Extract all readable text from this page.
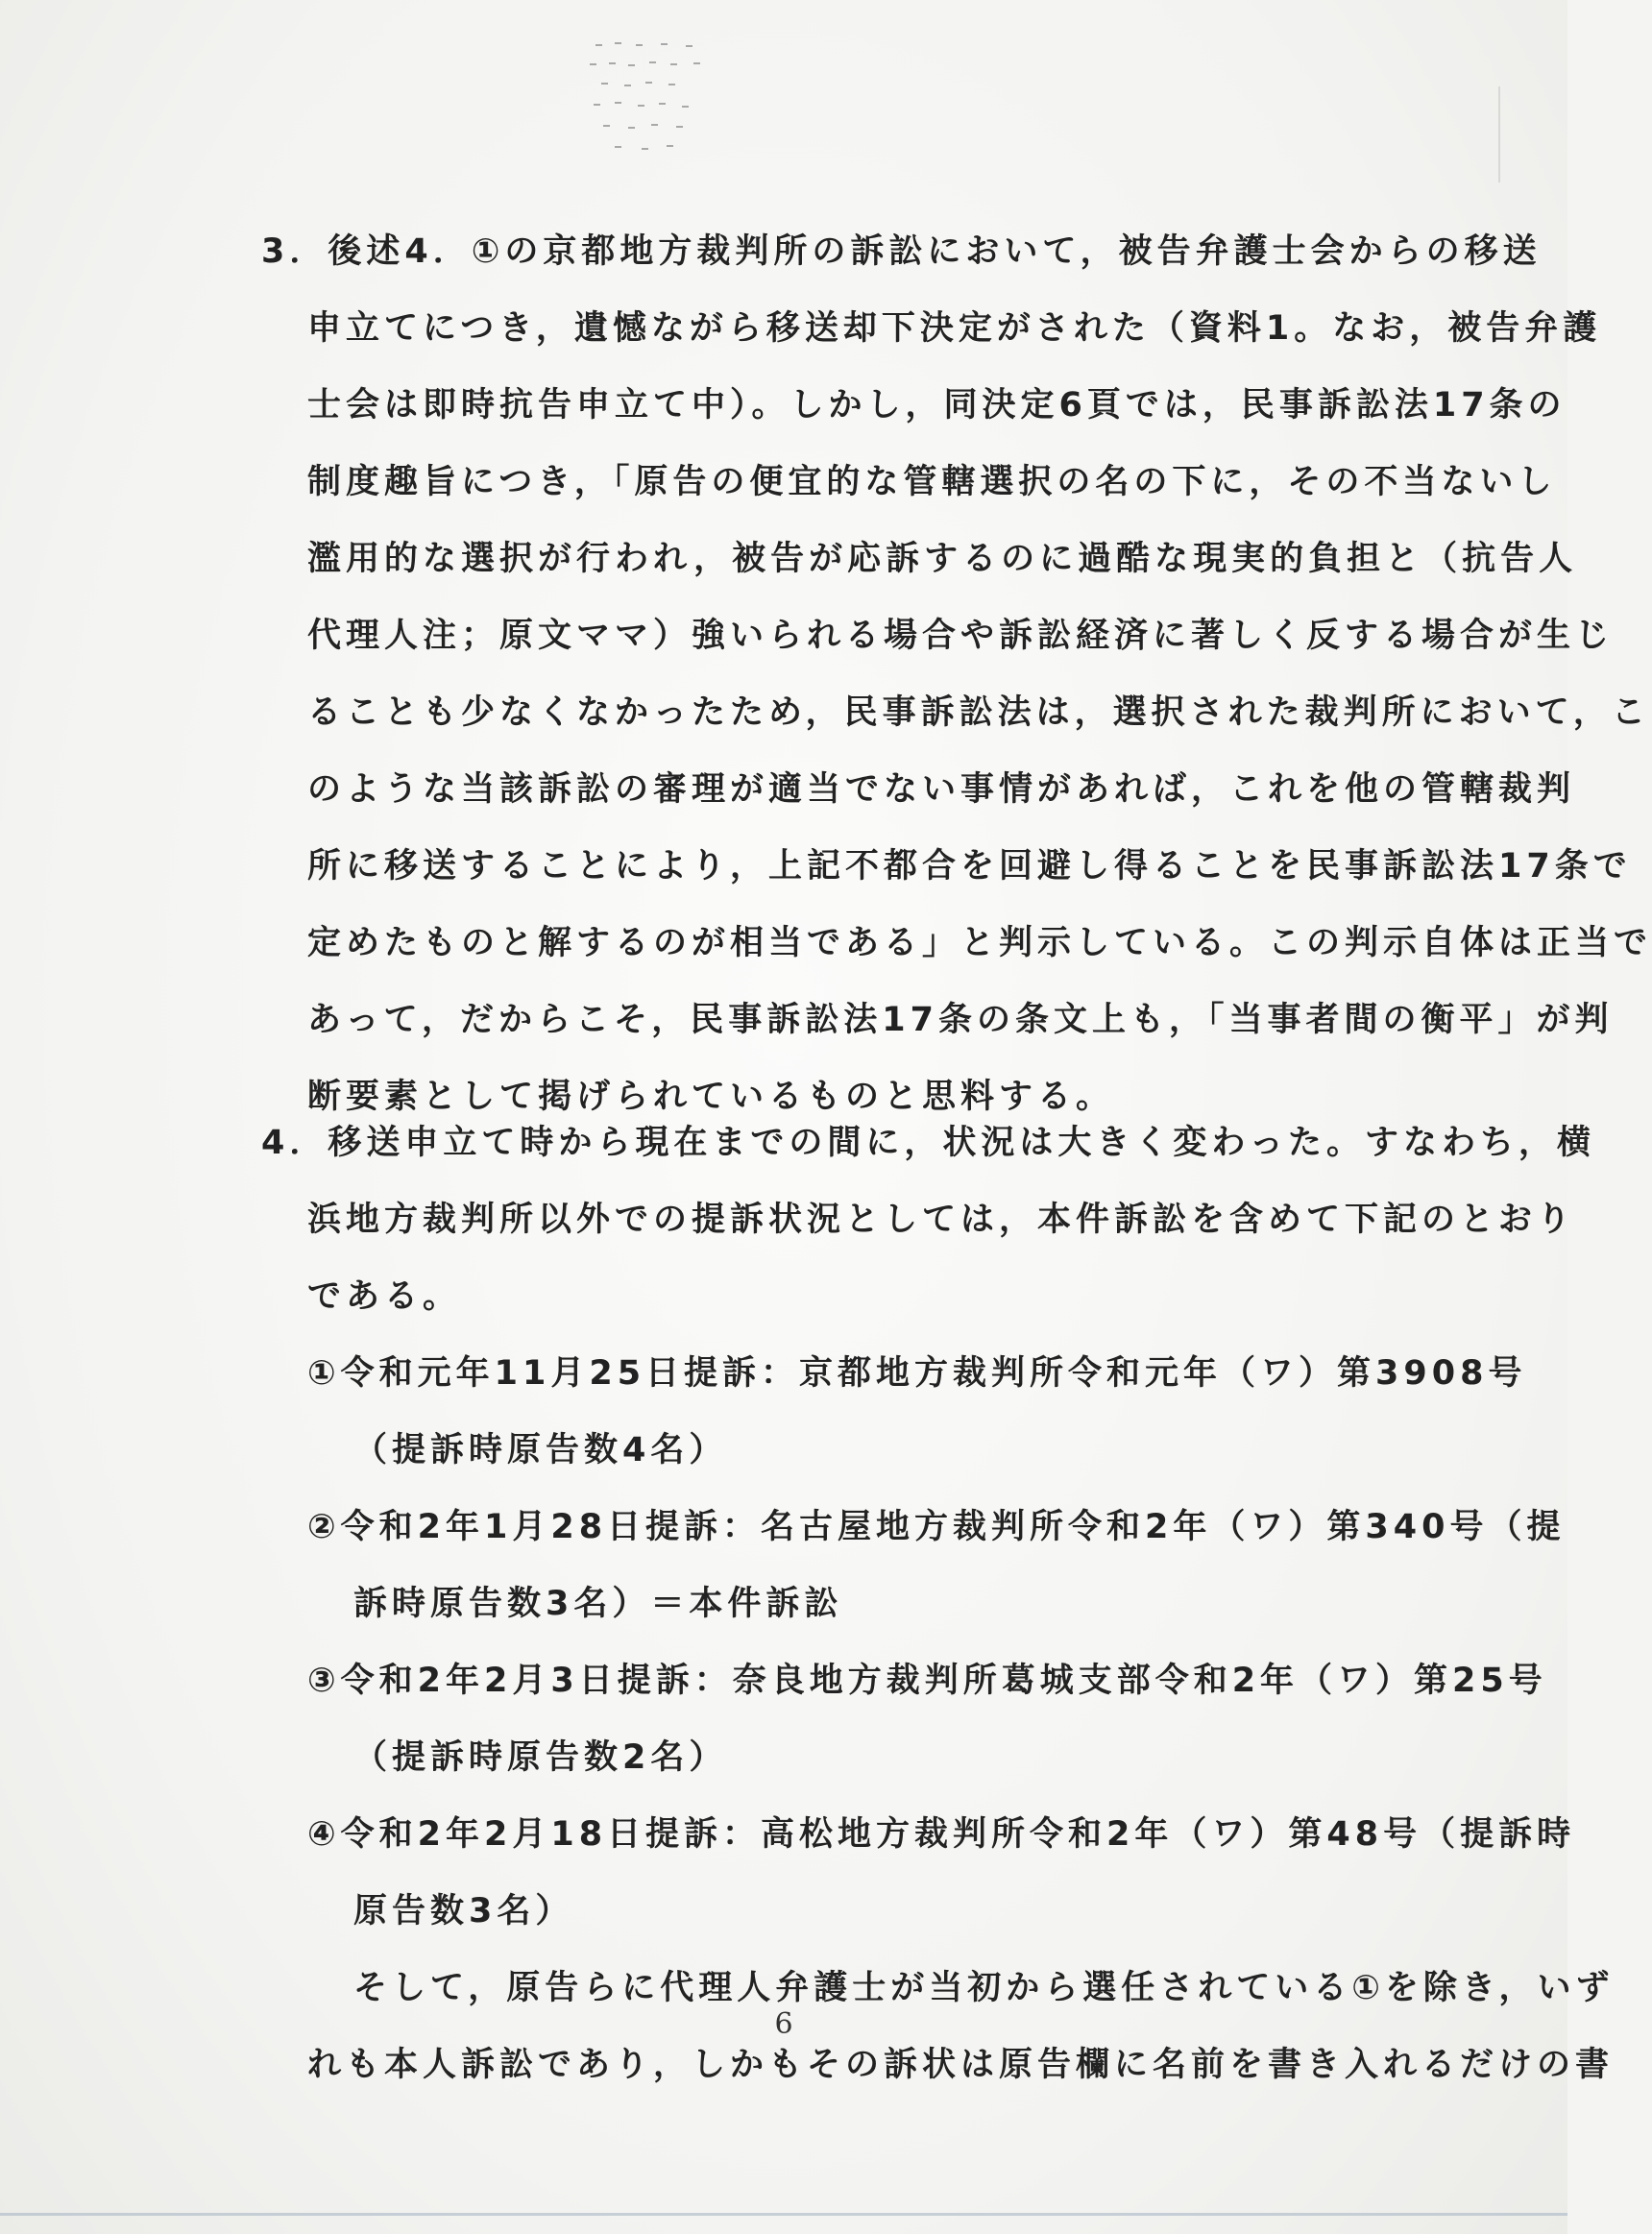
3．後述4．①の京都地方裁判所の訴訟において，被告弁護士会からの移送
申立てにつき，遺憾ながら移送却下決定がされた（資料1。なお，被告弁護
士会は即時抗告申立て中）。しかし，同決定6頁では，民事訴訟法17条の
制度趣旨につき，「原告の便宜的な管轄選択の名の下に，その不当ないし
濫用的な選択が行われ，被告が応訴するのに過酷な現実的負担と（抗告人
代理人注；原文ママ）強いられる場合や訴訟経済に著しく反する場合が生じ
ることも少なくなかったため，民事訴訟法は，選択された裁判所において，こ
のような当該訴訟の審理が適当でない事情があれば，これを他の管轄裁判
所に移送することにより，上記不都合を回避し得ることを民事訴訟法17条で
定めたものと解するのが相当である」と判示している。この判示自体は正当で
あって，だからこそ，民事訴訟法17条の条文上も，「当事者間の衡平」が判
断要素として掲げられているものと思料する。
4．移送申立て時から現在までの間に，状況は大きく変わった。すなわち，横
浜地方裁判所以外での提訴状況としては，本件訴訟を含めて下記のとおり
である。
①令和元年11月25日提訴：京都地方裁判所令和元年（ワ）第3908号
（提訴時原告数4名）
②令和2年1月28日提訴：名古屋地方裁判所令和2年（ワ）第340号（提
訴時原告数3名）＝本件訴訟
③令和2年2月3日提訴：奈良地方裁判所葛城支部令和2年（ワ）第25号
（提訴時原告数2名）
④令和2年2月18日提訴：高松地方裁判所令和2年（ワ）第48号（提訴時
原告数3名）
そして，原告らに代理人弁護士が当初から選任されている①を除き，いず
れも本人訴訟であり，しかもその訴状は原告欄に名前を書き入れるだけの書
6
